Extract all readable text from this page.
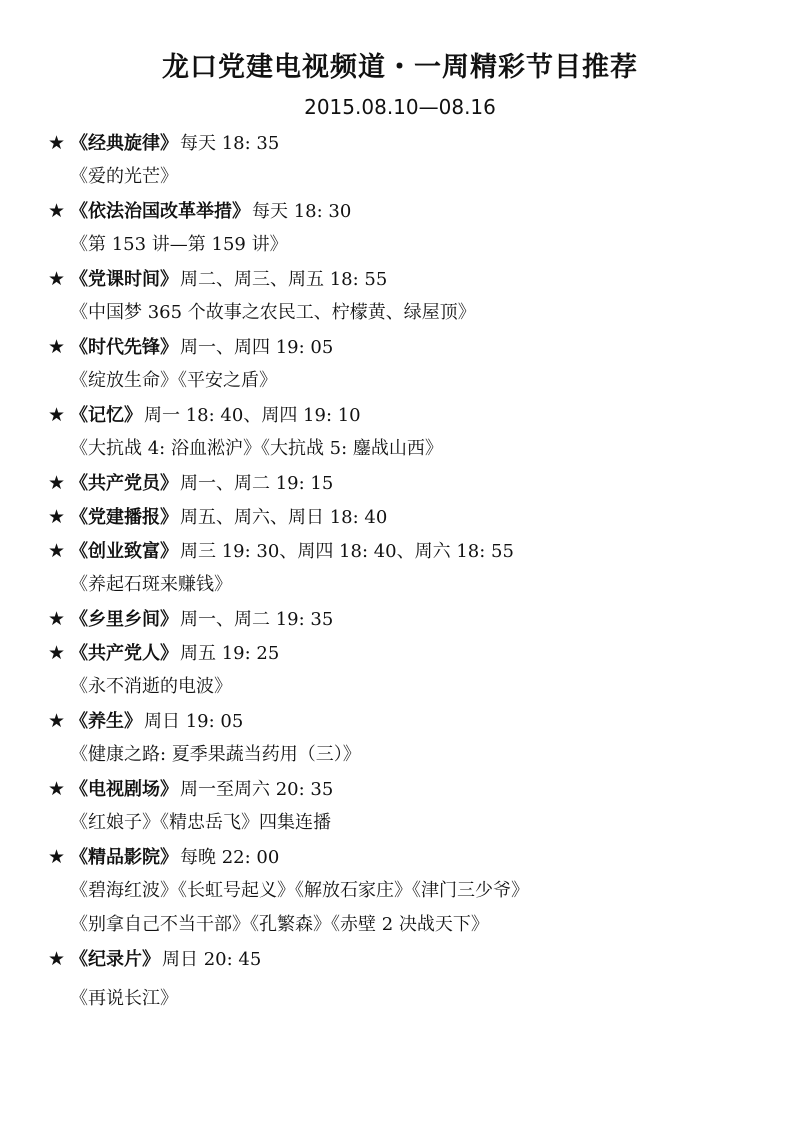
龙口党建电视频道・一周精彩节目推荐
2015.08.10—08.16
★ 《经典旋律》 每天 18: 35
《爱的光芒》
★ 《依法治国改革举措》 每天 18: 30
《第 153 讲—第 159 讲》
★ 《党课时间》 周二、周三、周五 18: 55
《中国梦 365 个故事之农民工、柠檬黄、绿屋顶》
★ 《时代先锋》 周一、周四 19: 05
《绽放生命》《平安之盾》
★ 《记忆》 周一 18: 40、周四 19: 10
《大抗战 4: 浴血淞沪》《大抗战 5: 鏖战山西》
★ 《共产党员》 周一、周二 19: 15
★ 《党建播报》 周五、周六、周日 18: 40
★ 《创业致富》 周三 19: 30、周四 18: 40、周六 18: 55
《养起石斑来赚钱》
★ 《乡里乡间》 周一、周二 19: 35
★ 《共产党人》 周五 19: 25
《永不消逝的电波》
★ 《养生》 周日 19: 05
《健康之路: 夏季果蔬当药用（三）》
★ 《电视剧场》 周一至周六 20: 35
《红娘子》《精忠岳飞》四集连播
★ 《精品影院》 每晚 22: 00
《碧海红波》《长虹号起义》《解放石家庄》《津门三少爷》
《别拿自己不当干部》《孔繁森》《赤壁 2 决战天下》
★ 《纪录片》 周日 20: 45
《再说长江》
